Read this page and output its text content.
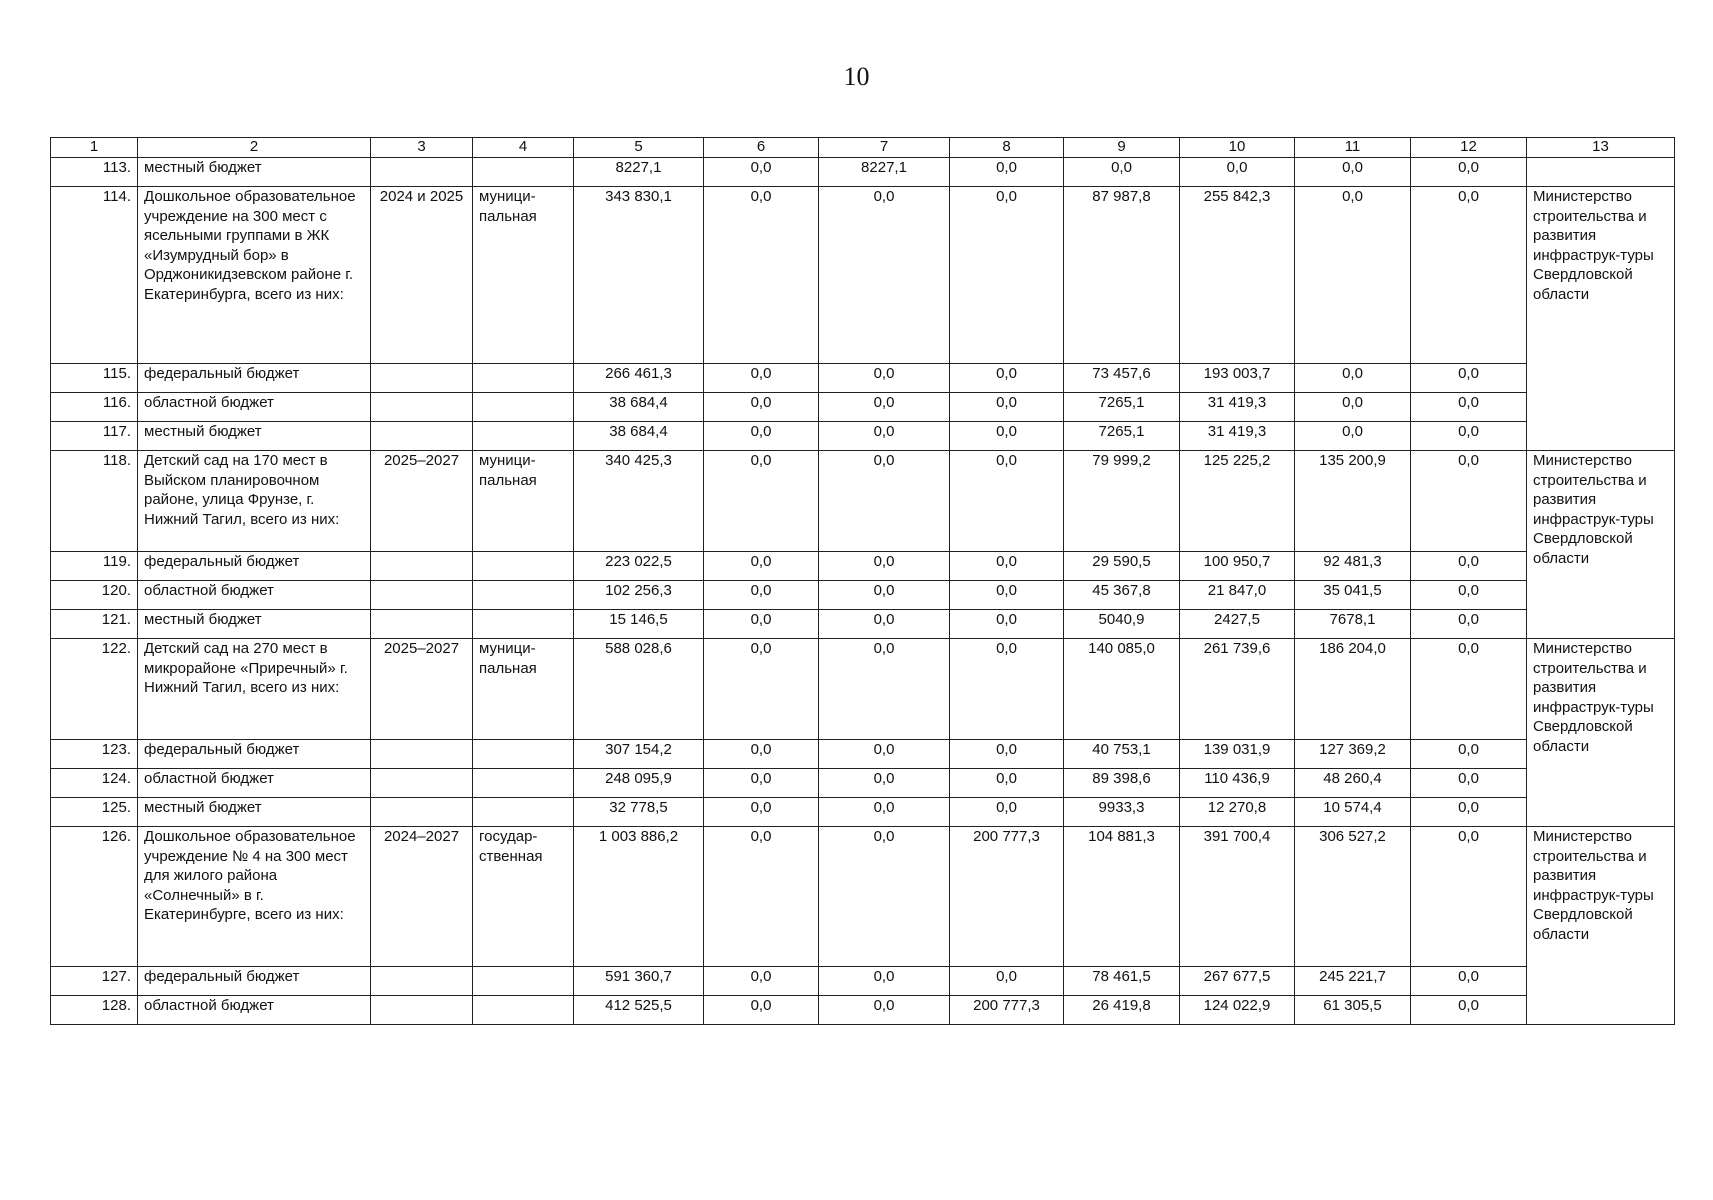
10
1	2	3	4	5	6	7	8	9	10	11	12	13
113.	местный бюджет			8227,1	0,0	8227,1	0,0	0,0	0,0	0,0	0,0	
114.	Дошкольное образовательное учреждение на 300 мест с ясельными группами в ЖК «Изумрудный бор» в Орджоникидзевском районе г. Екатеринбурга, всего из них:	2024 и 2025	муници-пальная	343 830,1	0,0	0,0	0,0	87 987,8	255 842,3	0,0	0,0	Министерство строительства и развития инфраструк-туры Свердловской области
115.	федеральный бюджет			266 461,3	0,0	0,0	0,0	73 457,6	193 003,7	0,0	0,0	
116.	областной бюджет			38 684,4	0,0	0,0	0,0	7265,1	31 419,3	0,0	0,0	
117.	местный бюджет			38 684,4	0,0	0,0	0,0	7265,1	31 419,3	0,0	0,0	
118.	Детский сад на 170 мест в Выйском планировочном районе, улица Фрунзе, г. Нижний Тагил, всего из них:	2025–2027	муници-пальная	340 425,3	0,0	0,0	0,0	79 999,2	125 225,2	135 200,9	0,0	Министерство строительства и развития инфраструк-туры Свердловской области
119.	федеральный бюджет			223 022,5	0,0	0,0	0,0	29 590,5	100 950,7	92 481,3	0,0	
120.	областной бюджет			102 256,3	0,0	0,0	0,0	45 367,8	21 847,0	35 041,5	0,0	
121.	местный бюджет			15 146,5	0,0	0,0	0,0	5040,9	2427,5	7678,1	0,0	
122.	Детский сад на 270 мест в микрорайоне «Приречный» г. Нижний Тагил, всего из них:	2025–2027	муници-пальная	588 028,6	0,0	0,0	0,0	140 085,0	261 739,6	186 204,0	0,0	Министерство строительства и развития инфраструк-туры Свердловской области
123.	федеральный бюджет			307 154,2	0,0	0,0	0,0	40 753,1	139 031,9	127 369,2	0,0	
124.	областной бюджет			248 095,9	0,0	0,0	0,0	89 398,6	110 436,9	48 260,4	0,0	
125.	местный бюджет			32 778,5	0,0	0,0	0,0	9933,3	12 270,8	10 574,4	0,0	
126.	Дошкольное образовательное учреждение № 4 на 300 мест для жилого района «Солнечный» в г. Екатеринбурге, всего из них:	2024–2027	государ-ственная	1 003 886,2	0,0	0,0	200 777,3	104 881,3	391 700,4	306 527,2	0,0	Министерство строительства и развития инфраструк-туры Свердловской области
127.	федеральный бюджет			591 360,7	0,0	0,0	0,0	78 461,5	267 677,5	245 221,7	0,0	
128.	областной бюджет			412 525,5	0,0	0,0	200 777,3	26 419,8	124 022,9	61 305,5	0,0	
